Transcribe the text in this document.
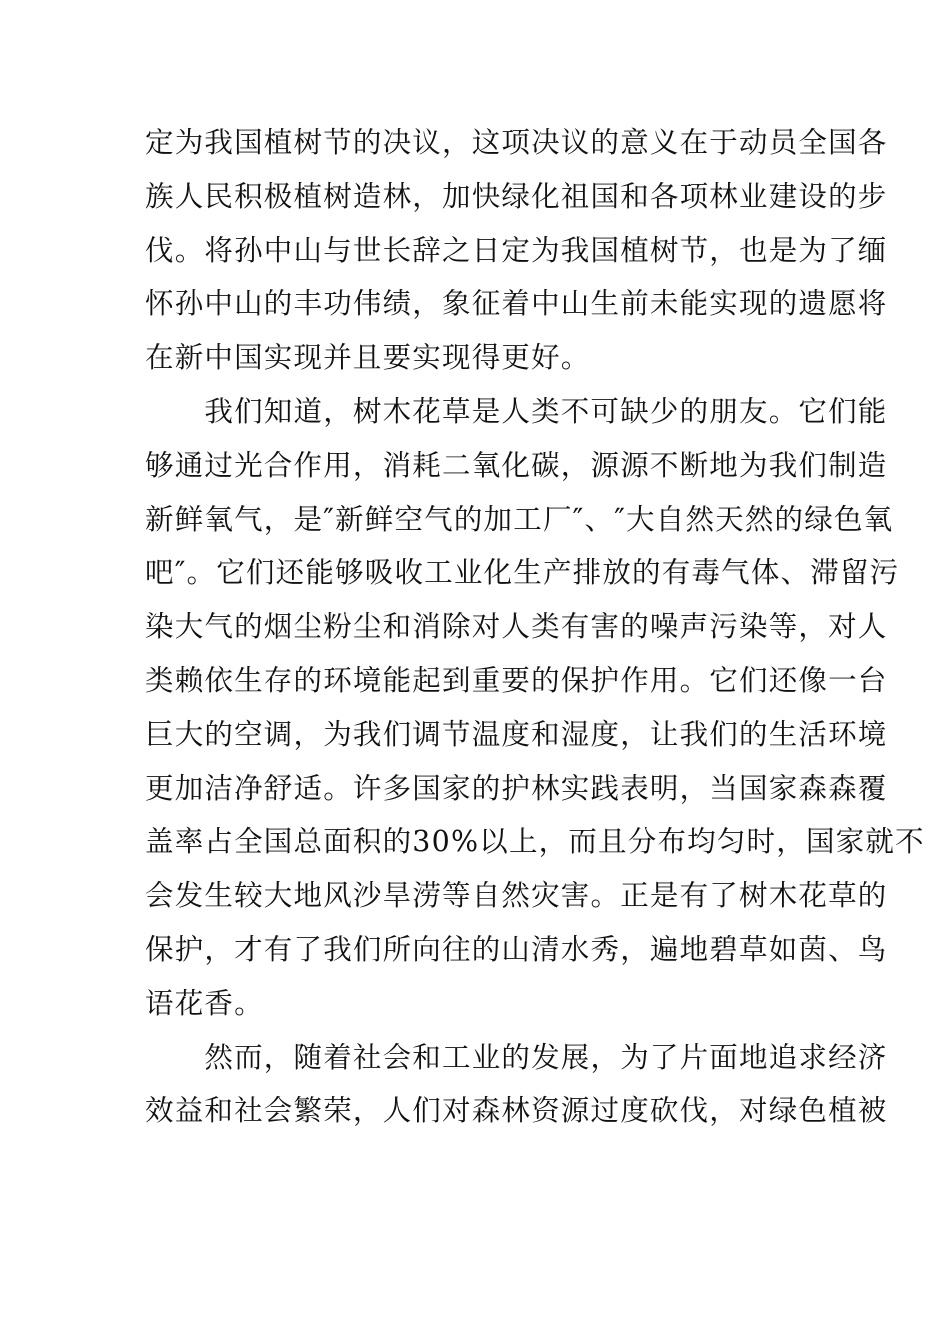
定为我国植树节的决议，这项决议的意义在于动员全国各
族人民积极植树造林，加快绿化祖国和各项林业建设的步
伐。将孙中山与世长辞之日定为我国植树节，也是为了缅
怀孙中山的丰功伟绩，象征着中山生前未能实现的遗愿将
在新中国实现并且要实现得更好。
　　我们知道，树木花草是人类不可缺少的朋友。它们能
够通过光合作用，消耗二氧化碳，源源不断地为我们制造
新鲜氧气，是″新鲜空气的加工厂″、″大自然天然的绿色氧
吧″。它们还能够吸收工业化生产排放的有毒气体、滞留污
染大气的烟尘粉尘和消除对人类有害的噪声污染等，对人
类赖依生存的环境能起到重要的保护作用。它们还像一台
巨大的空调，为我们调节温度和湿度，让我们的生活环境
更加洁净舒适。许多国家的护林实践表明，当国家森森覆
盖率占全国总面积的30%以上，而且分布均匀时，国家就不
会发生较大地风沙旱涝等自然灾害。正是有了树木花草的
保护，才有了我们所向往的山清水秀，遍地碧草如茵、鸟
语花香。
　　然而，随着社会和工业的发展，为了片面地追求经济
效益和社会繁荣，人们对森林资源过度砍伐，对绿色植被
